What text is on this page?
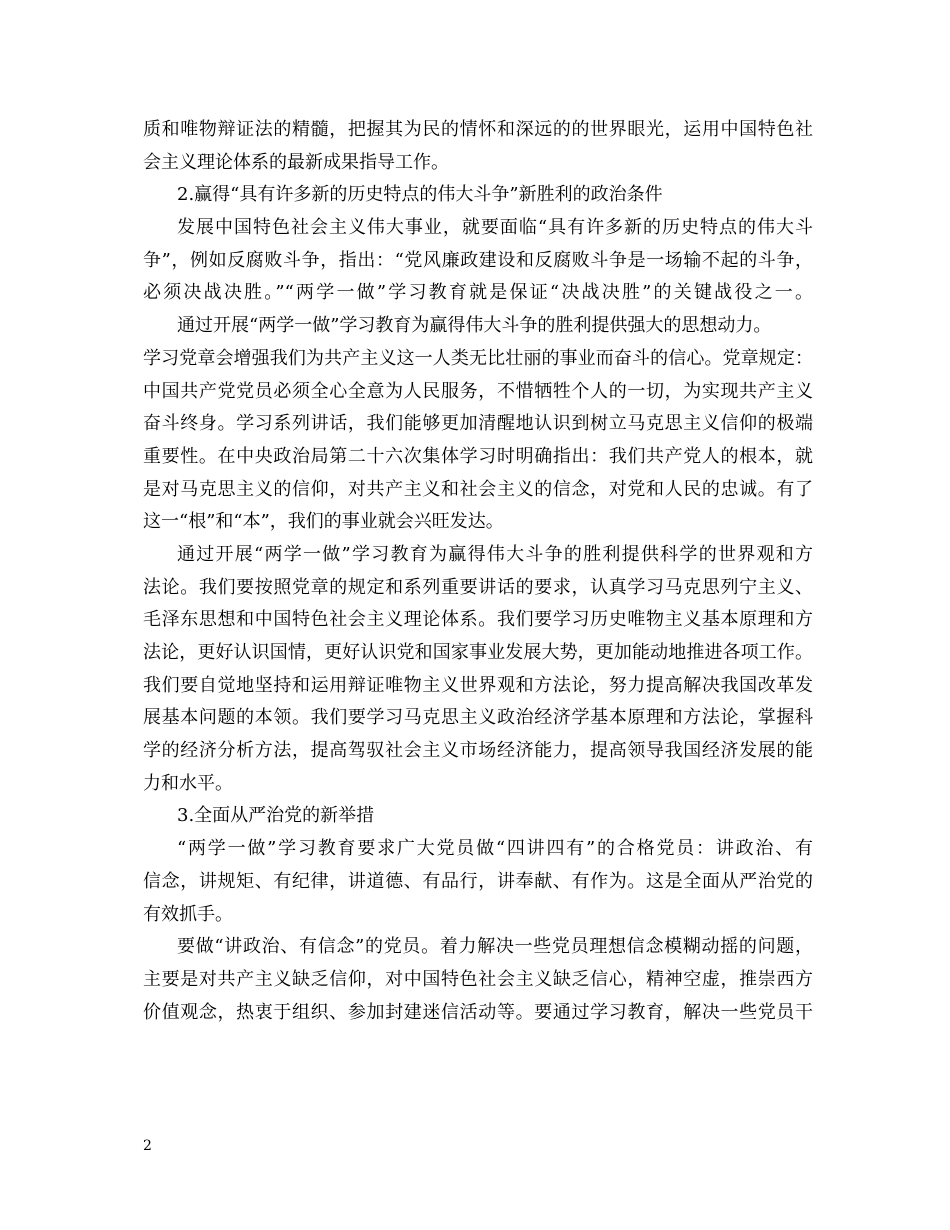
质和唯物辩证法的精髓，把握其为民的情怀和深远的的世界眼光，运用中国特色社
会主义理论体系的最新成果指导工作。
2.赢得“具有许多新的历史特点的伟大斗争”新胜利的政治条件
发展中国特色社会主义伟大事业，就要面临“具有许多新的历史特点的伟大斗
争”，例如反腐败斗争，指出：“党风廉政建设和反腐败斗争是一场输不起的斗争，
必须决战决胜。”“两学一做”学习教育就是保证“决战决胜”的关键战役之一。
通过开展“两学一做”学习教育为赢得伟大斗争的胜利提供强大的思想动力。
学习党章会增强我们为共产主义这一人类无比壮丽的事业而奋斗的信心。党章规定：
中国共产党党员必须全心全意为人民服务，不惜牺牲个人的一切，为实现共产主义
奋斗终身。学习系列讲话，我们能够更加清醒地认识到树立马克思主义信仰的极端
重要性。在中央政治局第二十六次集体学习时明确指出：我们共产党人的根本，就
是对马克思主义的信仰，对共产主义和社会主义的信念，对党和人民的忠诚。有了
这一“根”和“本”，我们的事业就会兴旺发达。
通过开展“两学一做”学习教育为赢得伟大斗争的胜利提供科学的世界观和方
法论。我们要按照党章的规定和系列重要讲话的要求，认真学习马克思列宁主义、
毛泽东思想和中国特色社会主义理论体系。我们要学习历史唯物主义基本原理和方
法论，更好认识国情，更好认识党和国家事业发展大势，更加能动地推进各项工作。
我们要自觉地坚持和运用辩证唯物主义世界观和方法论，努力提高解决我国改革发
展基本问题的本领。我们要学习马克思主义政治经济学基本原理和方法论，掌握科
学的经济分析方法，提高驾驭社会主义市场经济能力，提高领导我国经济发展的能
力和水平。
3.全面从严治党的新举措
“两学一做”学习教育要求广大党员做“四讲四有”的合格党员：讲政治、有
信念，讲规矩、有纪律，讲道德、有品行，讲奉献、有作为。这是全面从严治党的
有效抓手。
要做“讲政治、有信念”的党员。着力解决一些党员理想信念模糊动摇的问题，
主要是对共产主义缺乏信仰，对中国特色社会主义缺乏信心，精神空虚，推崇西方
价值观念，热衷于组织、参加封建迷信活动等。要通过学习教育，解决一些党员干
2
